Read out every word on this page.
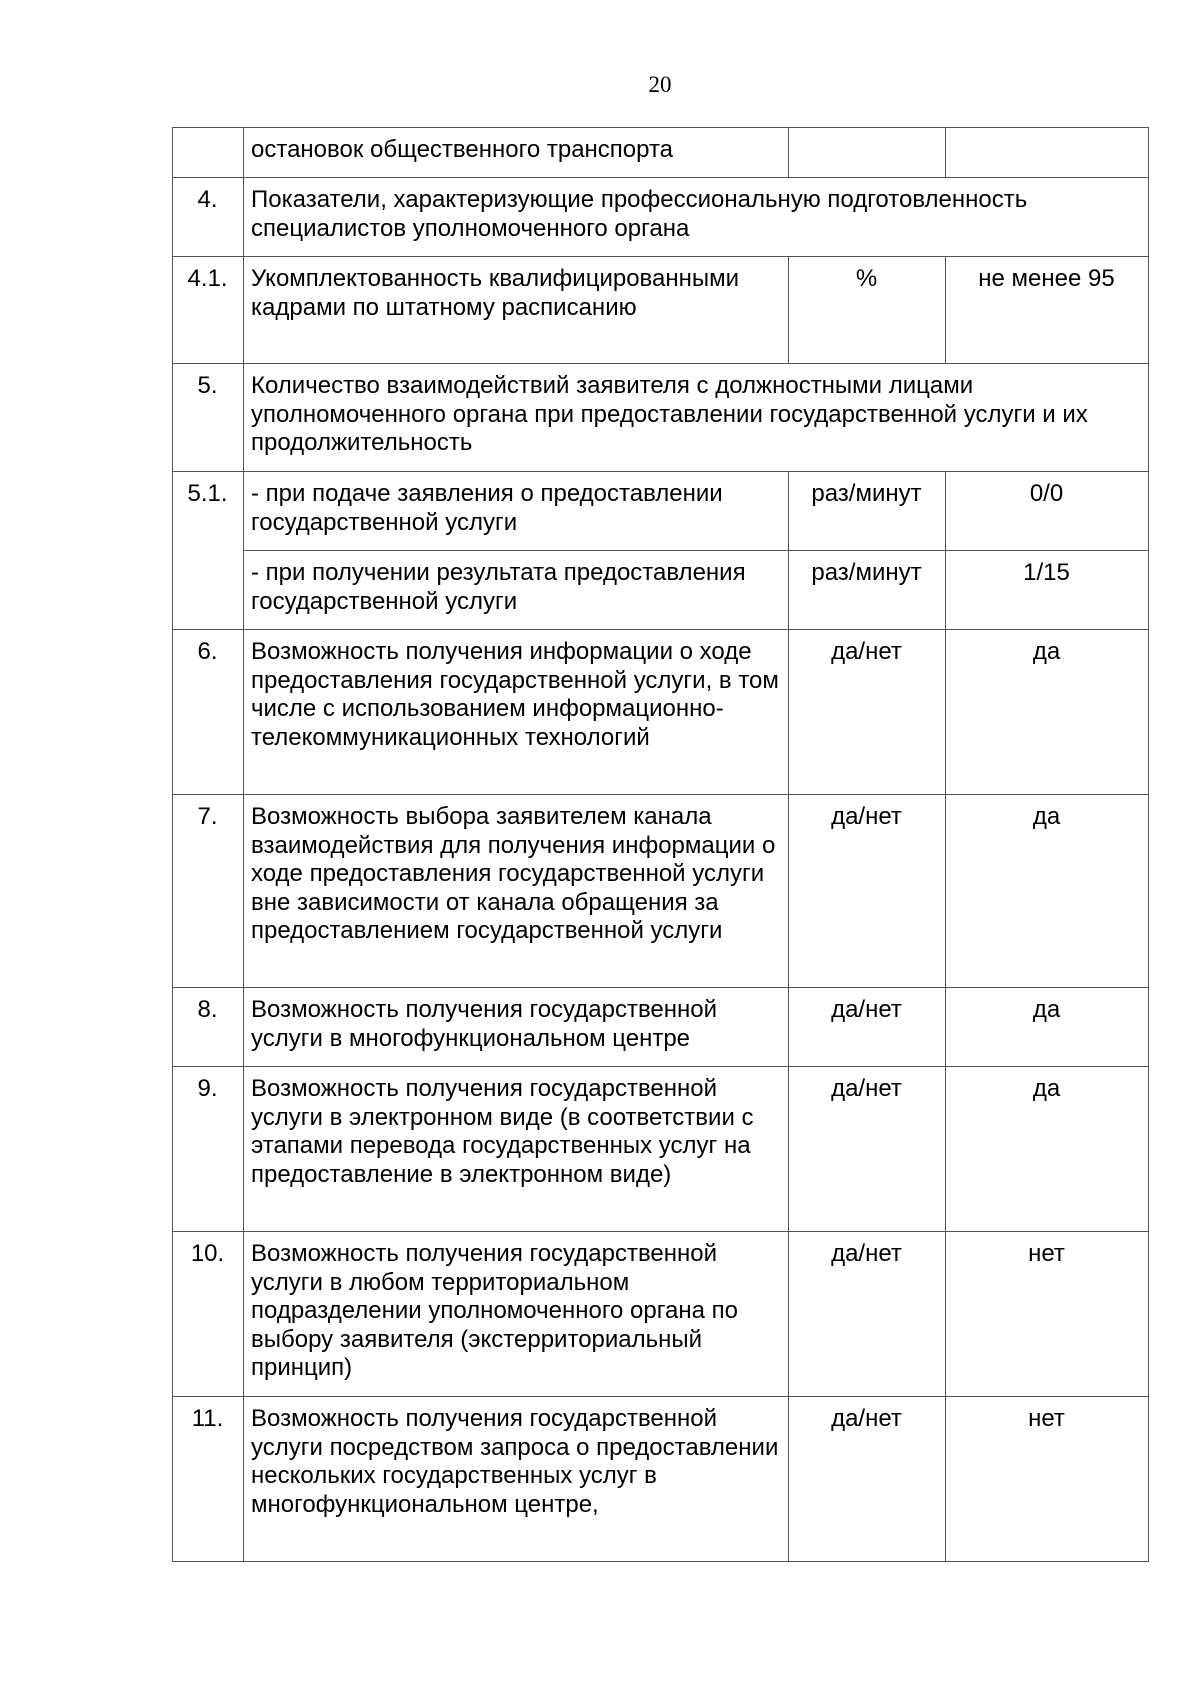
20
	остановок общественного транспорта		
4.	Показатели, характеризующие профессиональную подготовленность специалистов уполномоченного органа		
4.1.	Укомплектованность квалифицированными кадрами по штатному расписанию	%	не менее 95
5.	Количество взаимодействий заявителя с должностными лицами уполномоченного органа при предоставлении государственной услуги и их продолжительность		
5.1.	- при подаче заявления о предоставлении государственной услуги	раз/минут	0/0
	- при получении результата предоставления государственной услуги	раз/минут	1/15
6.	Возможность получения информации о ходе предоставления государственной услуги, в том числе с использованием информационно-телекоммуникационных технологий	да/нет	да
7.	Возможность выбора заявителем канала взаимодействия для получения информации о ходе предоставления государственной услуги вне зависимости от канала обращения за предоставлением государственной услуги	да/нет	да
8.	Возможность получения государственной услуги в многофункциональном центре	да/нет	да
9.	Возможность получения государственной услуги в электронном виде (в соответствии с этапами перевода государственных услуг на предоставление в электронном виде)	да/нет	да
10.	Возможность получения государственной услуги в любом территориальном подразделении уполномоченного органа по выбору заявителя (экстерриториальный принцип)	да/нет	нет
11.	Возможность получения государственной услуги посредством запроса о предоставлении нескольких государственных услуг в многофункциональном центре,	да/нет	нет
